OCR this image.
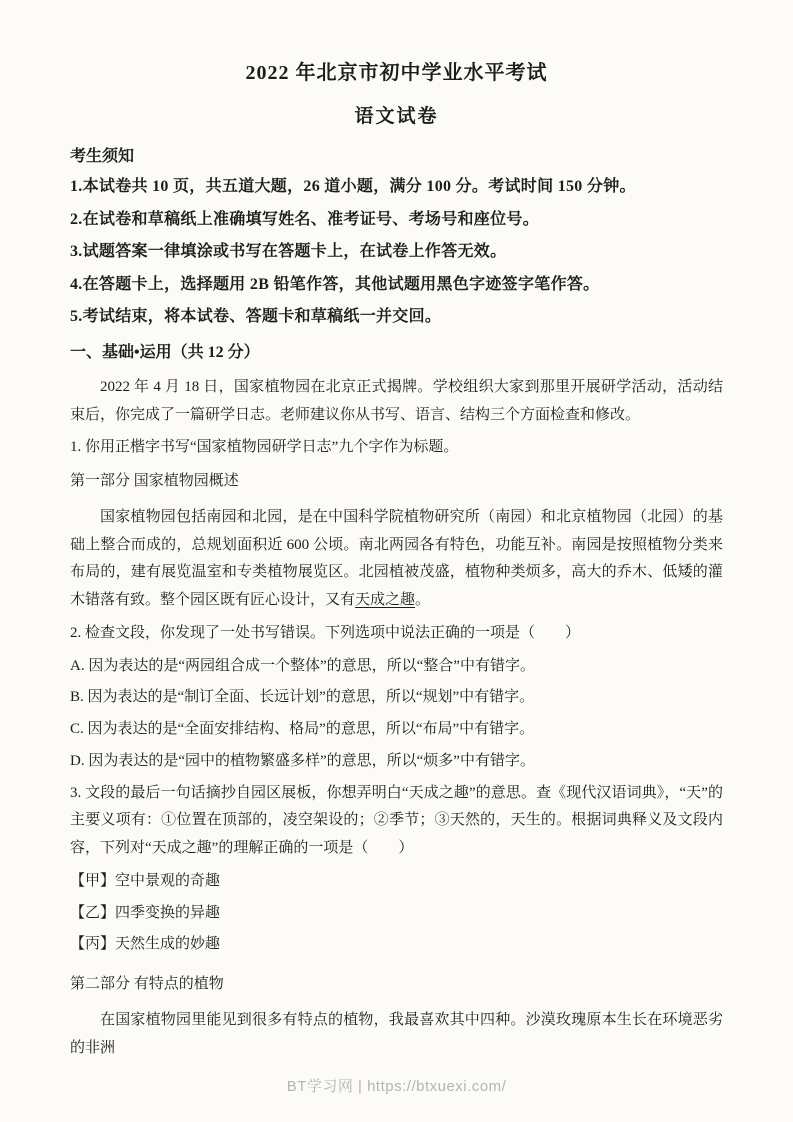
2022 年北京市初中学业水平考试
语文试卷
考生须知
1.本试卷共 10 页，共五道大题，26 道小题，满分 100 分。考试时间 150 分钟。
2.在试卷和草稿纸上准确填写姓名、准考证号、考场号和座位号。
3.试题答案一律填涂或书写在答题卡上，在试卷上作答无效。
4.在答题卡上，选择题用 2B 铅笔作答，其他试题用黑色字迹签字笔作答。
5.考试结束，将本试卷、答题卡和草稿纸一并交回。
一、基础•运用（共 12 分）

2022 年 4 月 18 日，国家植物园在北京正式揭牌。学校组织大家到那里开展研学活动，活动结束后，你完成了一篇研学日志。老师建议你从书写、语言、结构三个方面检查和修改。

1. 你用正楷字书写“国家植物园研学日志”九个字作为标题。

第一部分 国家植物园概述

国家植物园包括南园和北园，是在中国科学院植物研究所（南园）和北京植物园（北园）的基础上整合而成的，总规划面积近 600 公顷。南北两园各有特色，功能互补。南园是按照植物分类来布局的，建有展览温室和专类植物展览区。北园植被茂盛，植物种类烦多，高大的乔木、低矮的灌木错落有致。整个园区既有匠心设计，又有天成之趣。

2. 检查文段，你发现了一处书写错误。下列选项中说法正确的一项是（　　）

A. 因为表达的是“两园组合成一个整体”的意思，所以“整合”中有错字。

B. 因为表达的是“制订全面、长远计划”的意思，所以“规划”中有错字。

C. 因为表达的是“全面安排结构、格局”的意思，所以“布局”中有错字。

D. 因为表达的是“园中的植物繁盛多样”的意思，所以“烦多”中有错字。

3. 文段的最后一句话摘抄自园区展板，你想弄明白“天成之趣”的意思。查《现代汉语词典》，“天”的主要义项有：①位置在顶部的，凌空架设的；②季节；③天然的，天生的。根据词典释义及文段内容，下列对“天成之趣”的理解正确的一项是（　　）

【甲】空中景观的奇趣

【乙】四季变换的异趣

【丙】天然生成的妙趣

第二部分 有特点的植物

在国家植物园里能见到很多有特点的植物，我最喜欢其中四种。沙漠玫瑰原本生长在环境恶劣的非洲

BT学习网 | https://btxuexi.com/
